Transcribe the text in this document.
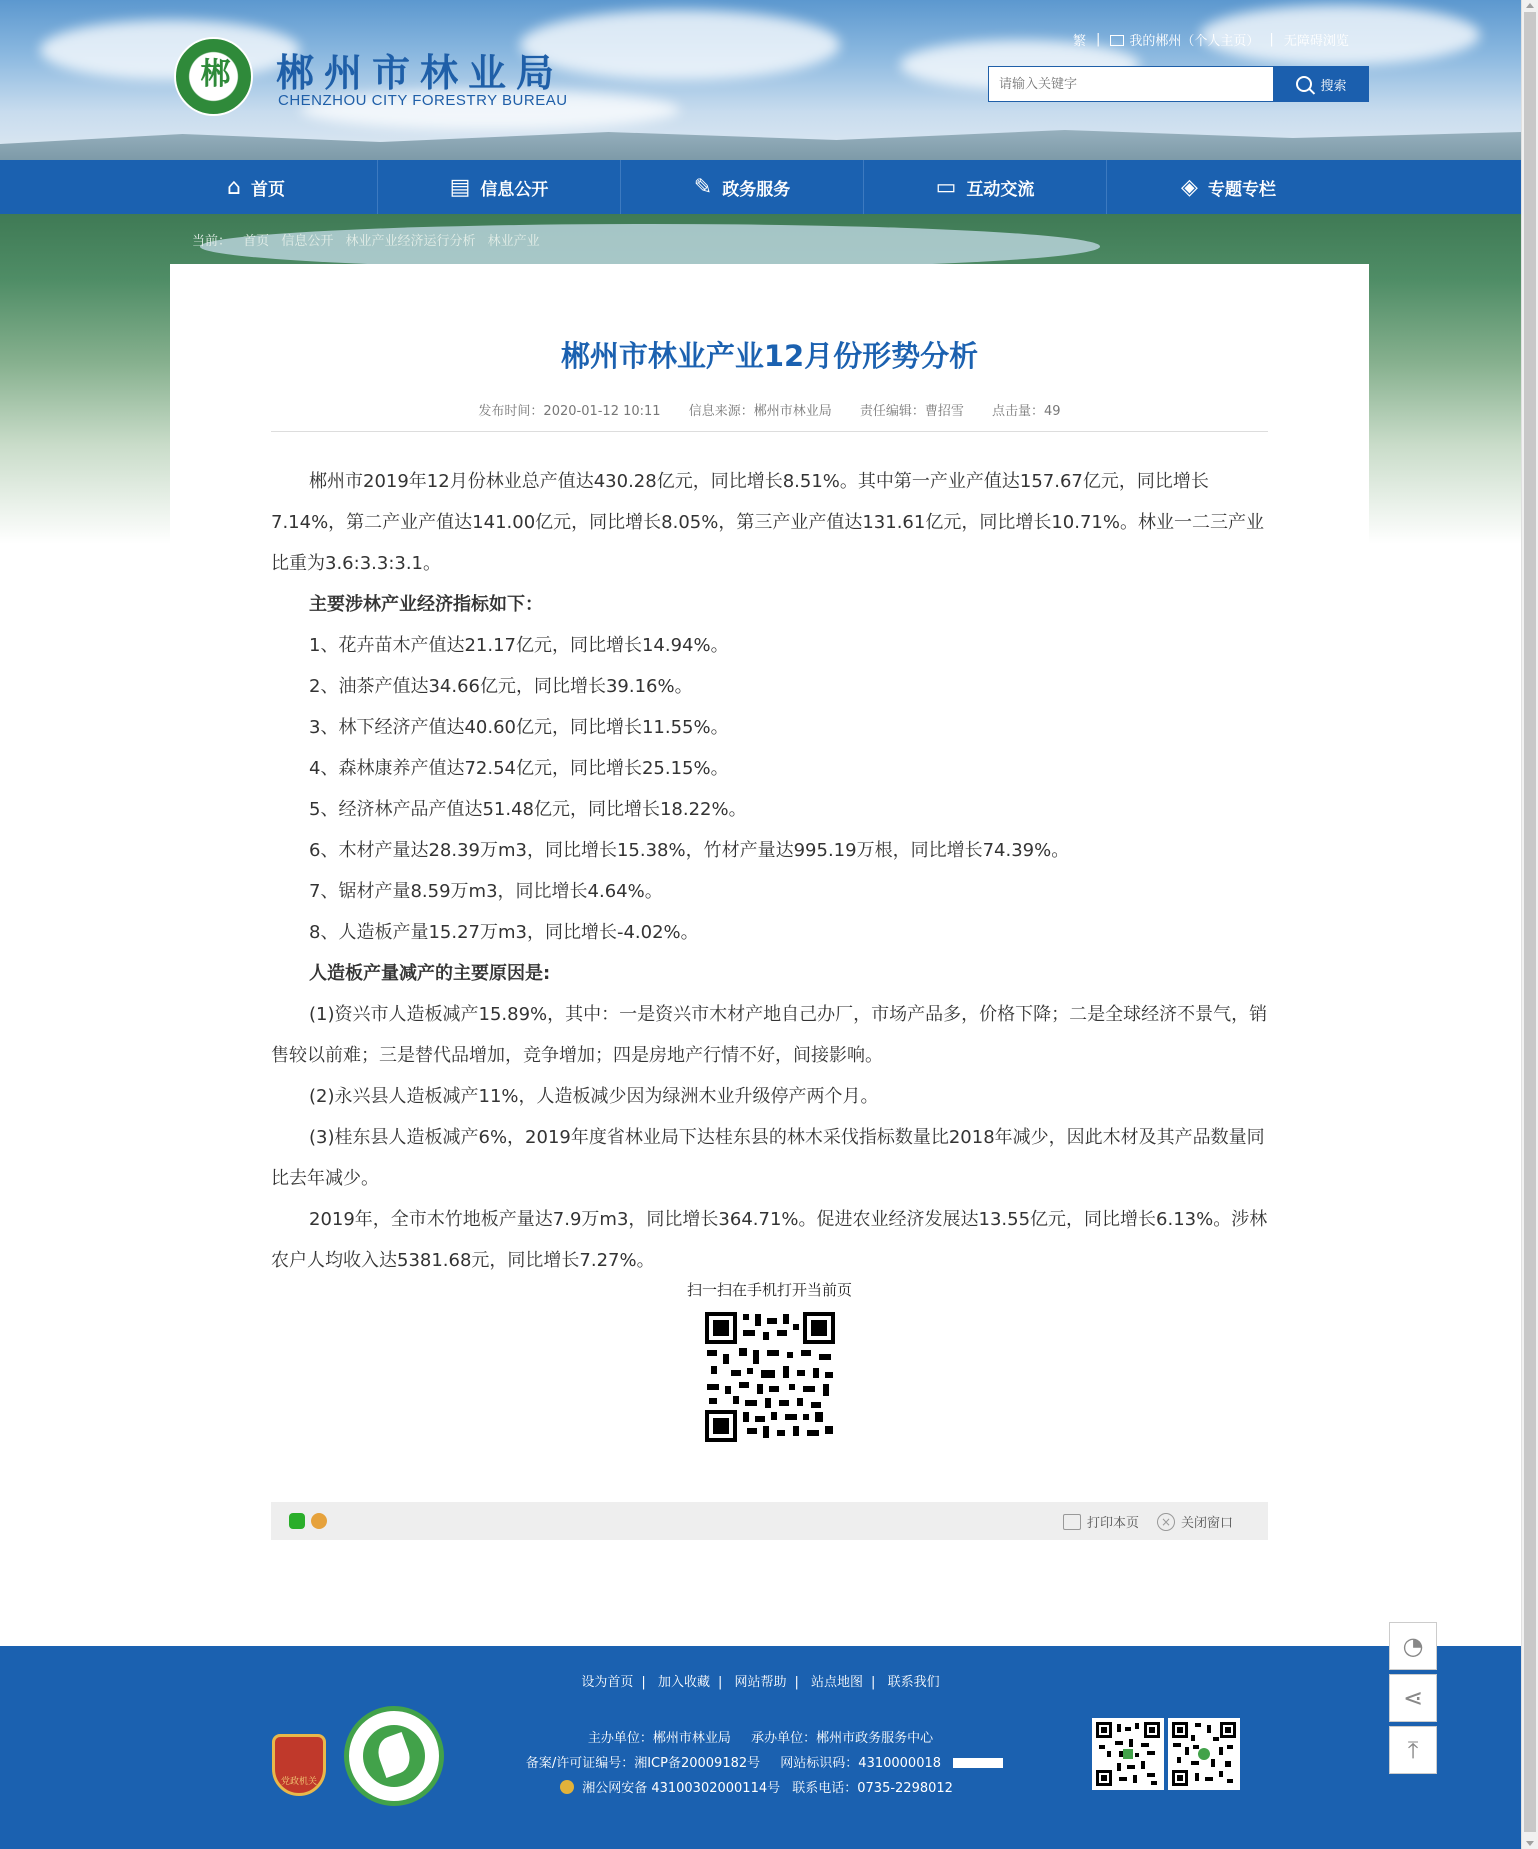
郴 郴州市林业局
CHENZHOU CITY FORESTRY BUREAU
繁 | 我的郴州（个人主页） | 无障碍浏览
请输入关键字
搜索
⌂ 首页	▤ 信息公开	✎ 政务服务	▭ 互动交流	◈ 专题专栏
当前： 首页 信息公开 林业产业经济运行分析 林业产业
郴州市林业产业12月份形势分析
发布时间：2020-01-12 10:11 信息来源：郴州市林业局 责任编辑：曹招雪 点击量：49

郴州市2019年12月份林业总产值达430.28亿元，同比增长8.51%。其中第一产业产值达157.67亿元，同比增长7.14%，第二产业产值达141.00亿元，同比增长8.05%，第三产业产值达131.61亿元，同比增长10.71%。林业一二三产业比重为3.6:3.3:3.1。

主要涉林产业经济指标如下：

1、花卉苗木产值达21.17亿元，同比增长14.94%。

2、油茶产值达34.66亿元，同比增长39.16%。

3、林下经济产值达40.60亿元，同比增长11.55%。

4、森林康养产值达72.54亿元，同比增长25.15%。

5、经济林产品产值达51.48亿元，同比增长18.22%。

6、木材产量达28.39万m3，同比增长15.38%，竹材产量达995.19万根，同比增长74.39%。

7、锯材产量8.59万m3，同比增长4.64%。

8、人造板产量15.27万m3，同比增长-4.02%。

人造板产量减产的主要原因是:

(1)资兴市人造板减产15.89%，其中：一是资兴市木材产地自己办厂，市场产品多，价格下降；二是全球经济不景气，销售较以前难；三是替代品增加，竞争增加；四是房地产行情不好，间接影响。

(2)永兴县人造板减产11%，人造板减少因为绿洲木业升级停产两个月。

(3)桂东县人造板减产6%，2019年度省林业局下达桂东县的林木采伐指标数量比2018年减少，因此木材及其产品数量同比去年减少。

2019年，全市木竹地板产量达7.9万m3，同比增长364.71%。促进农业经济发展达13.55亿元，同比增长6.13%。涉林农户人均收入达5381.68元，同比增长7.27%。

扫一扫在手机打开当前页
打印本页	× 关闭窗口
设为首页 | 加入收藏 | 网站帮助 | 站点地图 | 联系我们
党政机关
主办单位：郴州市林业局 承办单位：郴州市政务服务中心
备案/许可证编号：湘ICP备20009182号 网站标识码：4310000018
湘公网安备 43100302000114号 联系电话：0735-2298012
◔
⋖
⤒
